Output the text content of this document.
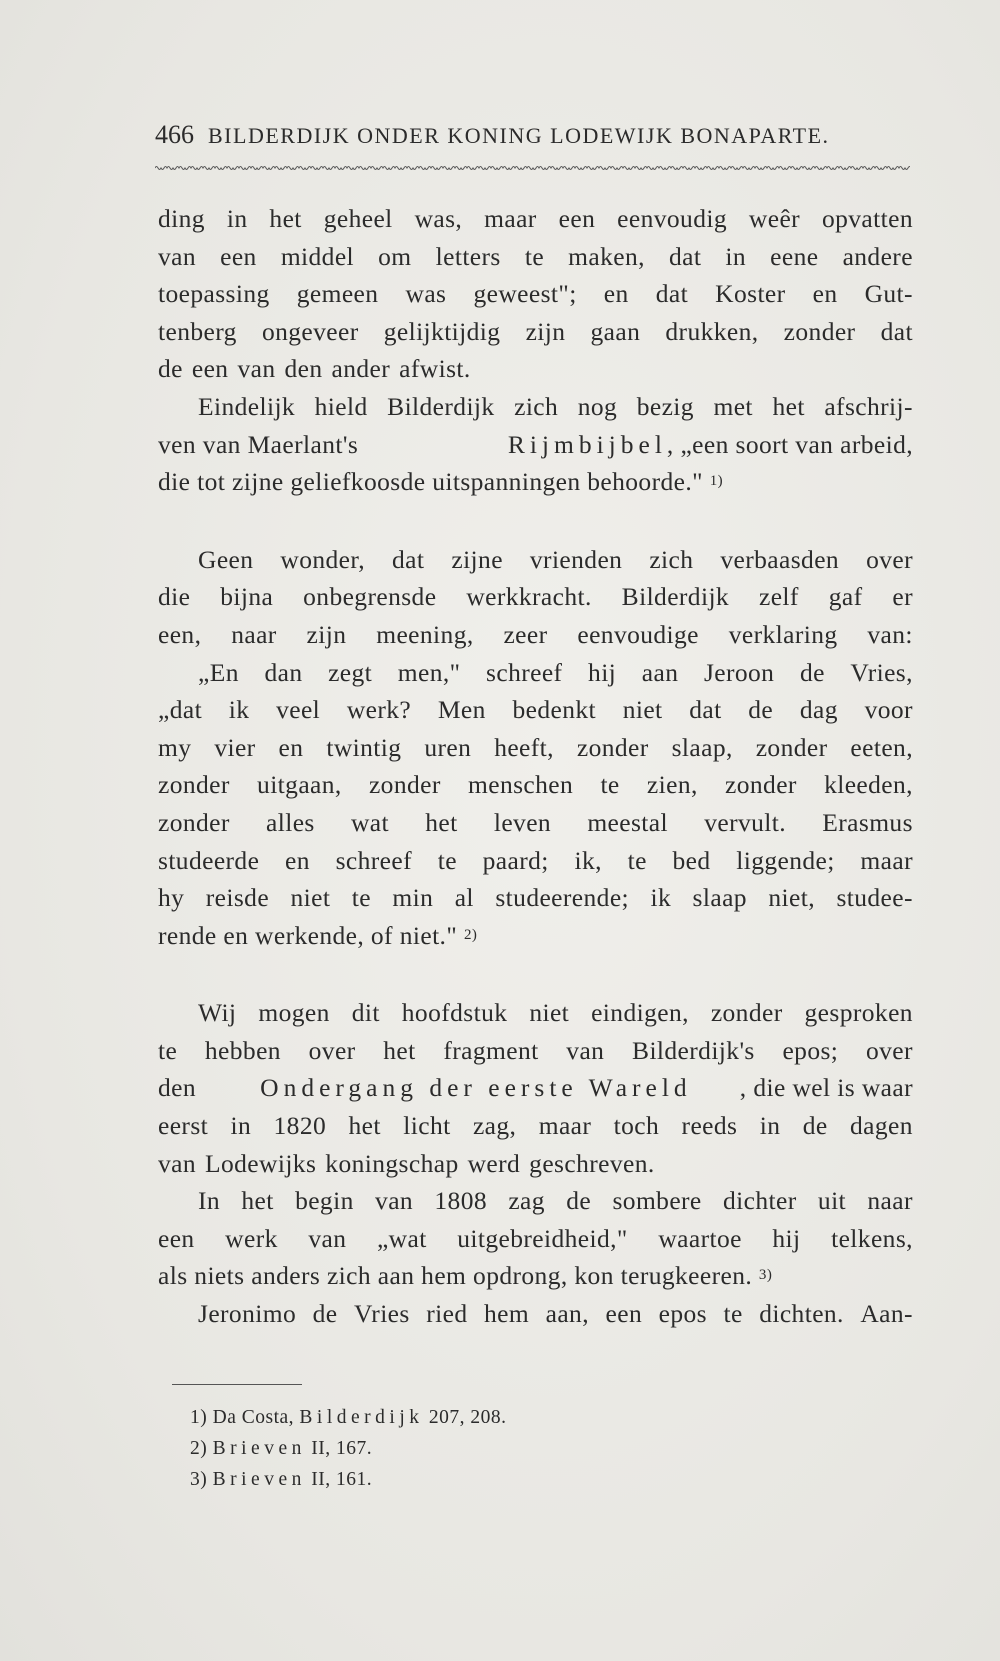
466 BILDERDIJK ONDER KONING LODEWIJK BONAPARTE.
ding in het geheel was, maar een eenvoudig weêr opvatten
van een middel om letters te maken, dat in eene andere
toepassing gemeen was geweest"; en dat Koster en Gut-
tenberg ongeveer gelijktijdig zijn gaan drukken, zonder dat
de een van den ander afwist.
Eindelijk hield Bilderdijk zich nog bezig met het afschrij-
ven van Maerlant's	Rijmbijbel, „een soort van arbeid,
die tot zijne geliefkoosde uitspanningen behoorde."
1)
Geen wonder, dat zijne vrienden zich verbaasden over
die bijna onbegrensde werkkracht. Bilderdijk zelf gaf er
een, naar zijn meening, zeer eenvoudige verklaring van:
„En dan zegt men," schreef hij aan Jeroon de Vries,
„dat ik veel werk? Men bedenkt niet dat de dag voor
my vier en twintig uren heeft, zonder slaap, zonder eeten,
zonder uitgaan, zonder menschen te zien, zonder kleeden,
zonder alles wat het leven meestal vervult. Erasmus
studeerde en schreef te paard; ik, te bed liggende; maar
hy reisde niet te min al studeerende; ik slaap niet, studee-
rende en werkende, of niet."
2)
Wij mogen dit hoofdstuk niet eindigen, zonder gesproken
te hebben over het fragment van Bilderdijk's epos; over
den	Ondergang der eerste Wareld , die wel is waar
eerst in 1820 het licht zag, maar toch reeds in de dagen
van Lodewijks koningschap werd geschreven.
In het begin van 1808 zag de sombere dichter uit naar
een werk van „wat uitgebreidheid," waartoe hij telkens,
als niets anders zich aan hem opdrong, kon terugkeeren.
3)
Jeronimo de Vries ried hem aan, een epos te dichten. Aan-
1) Da Costa, Bilderdijk 207, 208.
2) Brieven II, 167.
3) Brieven II, 161.
